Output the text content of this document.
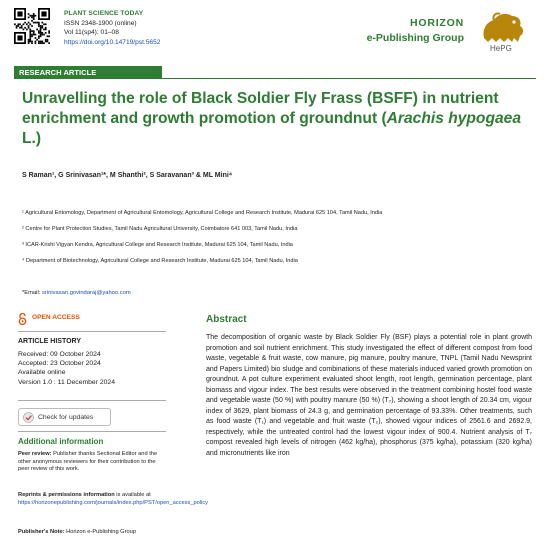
PLANT SCIENCE TODAY
ISSN 2348-1900 (online)
Vol 11(sp4): 01–08
https://doi.org/10.14719/pst.5652
HORIZON
e-Publishing Group
HePG
RESEARCH ARTICLE
Unravelling the role of Black Soldier Fly Frass (BSFF) in nutrient enrichment and growth promotion of groundnut (Arachis hypogaea L.)
S Raman¹, G Srinivasan¹*, M Shanthi², S Saravanan³ & ML Mini⁴
¹ Agricultural Entomology, Department of Agricultural Entomology, Agricultural College and Research Institute, Madurai 625 104, Tamil Nadu, India
² Centre for Plant Protection Studies, Tamil Nadu Agricultural University, Coimbatore 641 003, Tamil Nadu, India
³ ICAR-Krishi Vigyan Kendra, Agricultural College and Research Institute, Madurai 625 104, Tamil Nadu, India
⁴ Department of Biotechnology, Agricultural College and Research Institute, Madurai 625 104, Tamil Nadu, India
*Email: srinivasan.govindaraj@yahoo.com
OPEN ACCESS
ARTICLE HISTORY
Received: 09 October 2024
Accepted: 23 October 2024
Available online
Version 1.0 : 11 December 2024
Check for updates
Additional information
Peer review: Publisher thanks Sectional Editor and the other anonymous reviewers for their contribution to the peer review of this work.
Reprints & permissions information is available at https://horizonepublishing.com/journals/index.php/PST/open_access_policy
Publisher's Note: Horizon e-Publishing Group
Abstract
The decomposition of organic waste by Black Soldier Fly (BSF) plays a potential role in plant growth promotion and soil nutrient enrichment. This study investigated the effect of different compost from food waste, vegetable & fruit waste, cow manure, pig manure, poultry manure, TNPL (Tamil Nadu Newsprint and Papers Limited) bio sludge and combinations of these materials induced varied growth promotion on groundnut. A pot culture experiment evaluated shoot length, root length, germination percentage, plant biomass and vigour index. The best results were observed in the treatment combining hostel food waste and vegetable waste (50 %) with poultry manure (50 %) (T₇), showing a shoot length of 20.34 cm, vigour index of 3629, plant biomass of 24.3 g, and germination percentage of 93.33%. Other treatments, such as food waste (T₁) and vegetable and fruit waste (T₂), showed vigour indices of 2561.6 and 2692.9, respectively, while the untreated control had the lowest vigour index of 900.4. Nutrient analysis of T₇ compost revealed high levels of nitrogen (462 kg/ha), phosphorus (375 kg/ha), potassium (320 kg/ha) and micronutrients like iron
